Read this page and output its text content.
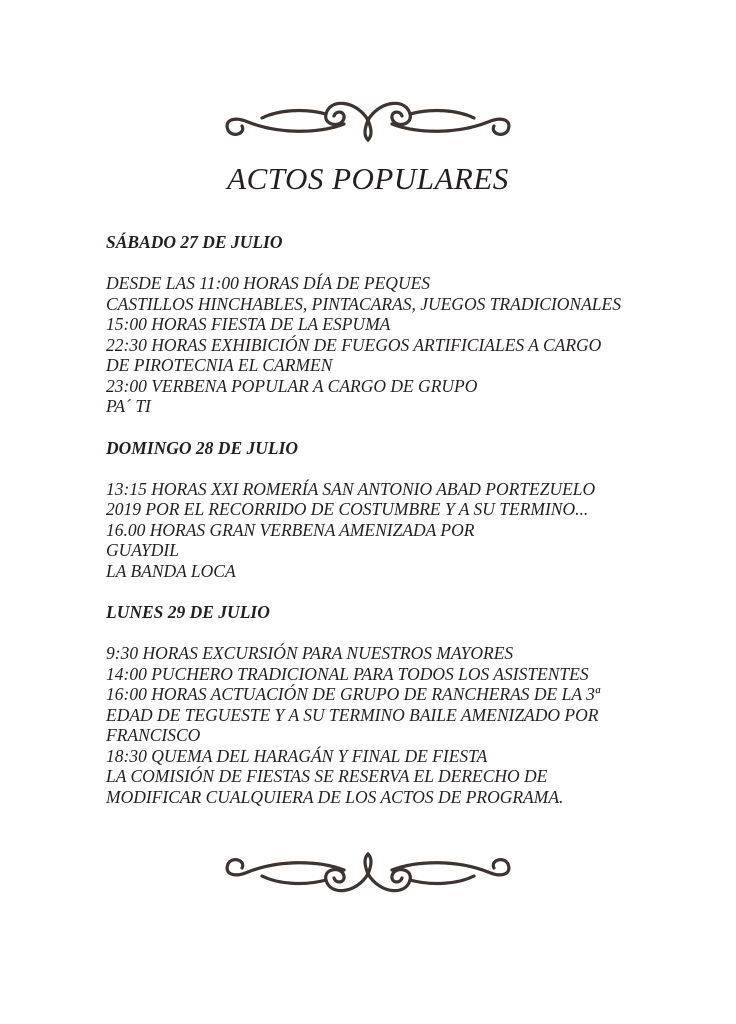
ACTOS POPULARES

SÁBADO 27 DE JULIO

DESDE LAS 11:00 HORAS DÍA DE PEQUES

CASTILLOS HINCHABLES, PINTACARAS, JUEGOS TRADICIONALES

15:00 HORAS FIESTA DE LA ESPUMA

22:30 HORAS EXHIBICIÓN DE FUEGOS ARTIFICIALES A CARGO

DE PIROTECNIA EL CARMEN

23:00 VERBENA POPULAR A CARGO DE GRUPO

PA´ TI

DOMINGO 28 DE JULIO

13:15 HORAS XXI ROMERÍA SAN ANTONIO ABAD PORTEZUELO

2019 POR EL RECORRIDO DE COSTUMBRE Y A SU TERMINO...

16.00 HORAS GRAN VERBENA AMENIZADA POR

GUAYDIL

LA BANDA LOCA

LUNES 29 DE JULIO

9:30 HORAS EXCURSIÓN PARA NUESTROS MAYORES

14:00 PUCHERO TRADICIONAL PARA TODOS LOS ASISTENTES

16:00 HORAS ACTUACIÓN DE GRUPO DE RANCHERAS DE LA 3ª

EDAD DE TEGUESTE Y A SU TERMINO BAILE AMENIZADO POR

FRANCISCO

18:30 QUEMA DEL HARAGÁN Y FINAL DE FIESTA

LA COMISIÓN DE FIESTAS SE RESERVA EL DERECHO DE

MODIFICAR CUALQUIERA DE LOS ACTOS DE PROGRAMA.
